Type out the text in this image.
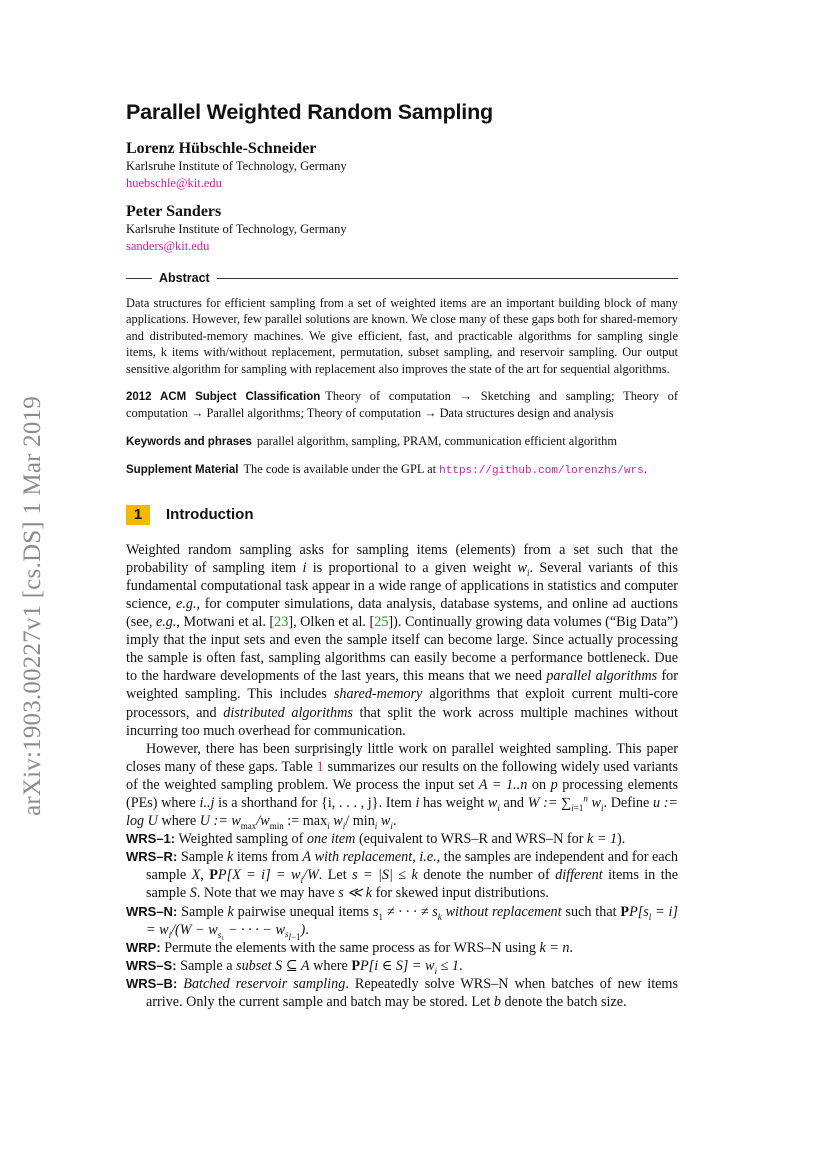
arXiv:1903.00227v1 [cs.DS] 1 Mar 2019
Parallel Weighted Random Sampling
Lorenz Hübschle-Schneider
Karlsruhe Institute of Technology, Germany
huebschle@kit.edu
Peter Sanders
Karlsruhe Institute of Technology, Germany
sanders@kit.edu
Abstract
Data structures for efficient sampling from a set of weighted items are an important building block of many applications. However, few parallel solutions are known. We close many of these gaps both for shared-memory and distributed-memory machines. We give efficient, fast, and practicable algorithms for sampling single items, k items with/without replacement, permutation, subset sampling, and reservoir sampling. Our output sensitive algorithm for sampling with replacement also improves the state of the art for sequential algorithms.
2012 ACM Subject Classification Theory of computation → Sketching and sampling; Theory of computation → Parallel algorithms; Theory of computation → Data structures design and analysis
Keywords and phrases parallel algorithm, sampling, PRAM, communication efficient algorithm
Supplement Material The code is available under the GPL at https://github.com/lorenzhs/wrs.
1	Introduction

Weighted random sampling asks for sampling items (elements) from a set such that the probability of sampling item i is proportional to a given weight $w_i$. Several variants of this fundamental computational task appear in a wide range of applications in statistics and computer science, e.g., for computer simulations, data analysis, database systems, and online ad auctions (see, e.g., Motwani et al. [23], Olken et al. [25]). Continually growing data volumes (“Big Data”) imply that the input sets and even the sample itself can become large. Since actually processing the sample is often fast, sampling algorithms can easily become a performance bottleneck. Due to the hardware developments of the last years, this means that we need parallel algorithms for weighted sampling. This includes shared-memory algorithms that exploit current multi-core processors, and distributed algorithms that split the work across multiple machines without incurring too much overhead for communication.

However, there has been surprisingly little work on parallel weighted sampling. This paper closes many of these gaps. Table 1 summarizes our results on the following widely used variants of the weighted sampling problem. We process the input set A = 1..n on p processing elements (PEs) where i..j is a shorthand for {i, . . . , j}. Item i has weight $w_i$ and W := $\sum_{i=1}^n$ $w_i$. Define u := log U where U := $w_{max}/w_{min}$ := $\max_i w_i/$ $\min_i w_i$.

WRS–1: Weighted sampling of one item (equivalent to WRS–R and WRS–N for k = 1).

WRS–R: Sample k items from A with replacement, i.e., the samples are independent and for each sample X, $PP[X = i] = w_i/W$. Let s = |S| ≤ k denote the number of different items in the sample S. Note that we may have s ≪ k for skewed input distributions.

WRS–N: Sample k pairwise unequal items $s_1$ ≠ · · · ≠ $s_k$ without replacement such that $PP[s_l = i] = w_i/(W - w_{s_1}$ − · · · − $w_{s_{l-1}}$).

WRP: Permute the elements with the same process as for WRS–N using k = n.

WRS–S: Sample a subset S ⊆ A where PP[i ∈ $S] = w_i \le 1$.

WRS–B: Batched reservoir sampling. Repeatedly solve WRS–N when batches of new items arrive. Only the current sample and batch may be stored. Let b denote the batch size.
